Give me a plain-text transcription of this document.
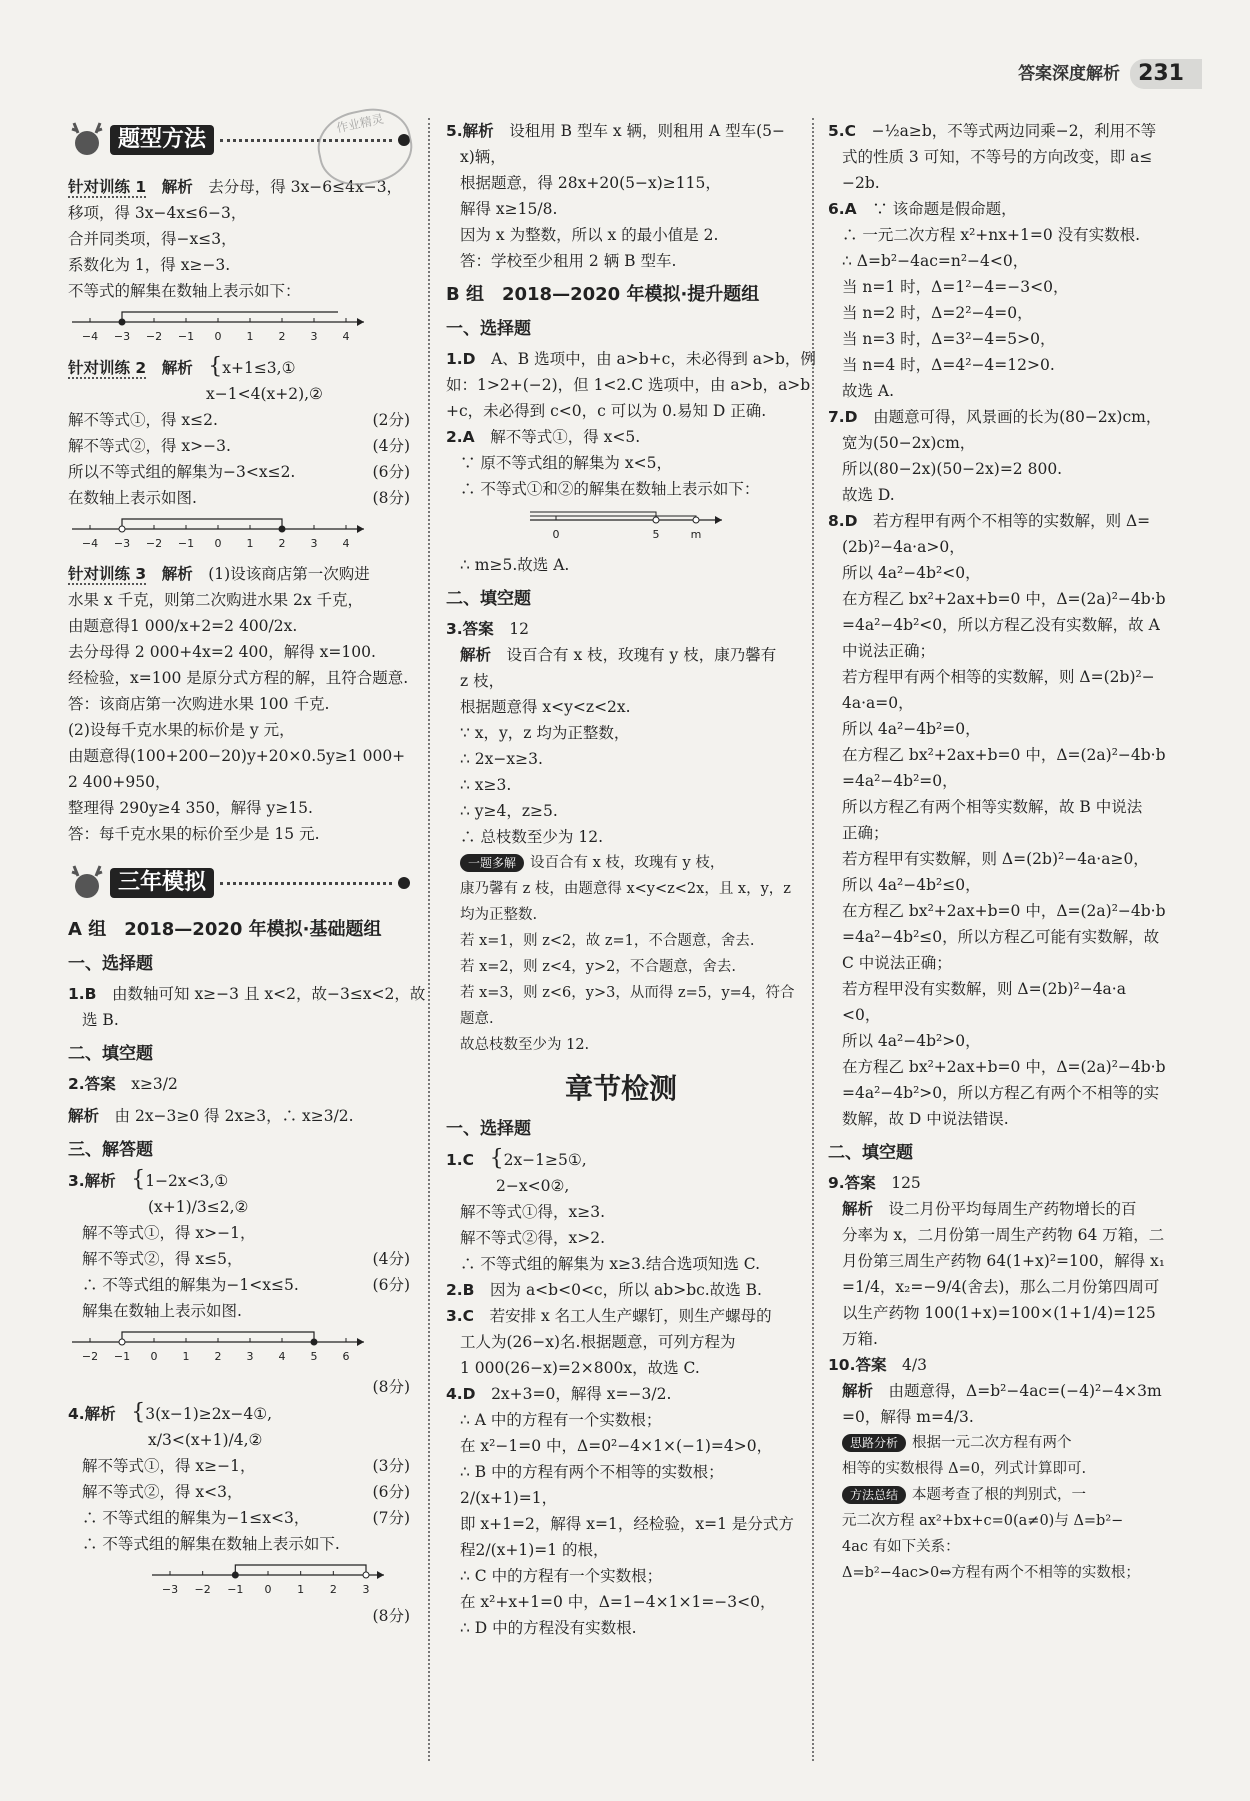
答案深度解析 231
题型方法
作业精灵

针对训练 1　 解析　 去分母，得 3x−6≤4x−3，

移项，得 3x−4x≤6−3，

合并同类项，得−x≤3，

系数化为 1，得 x≥−3.

不等式的解集在数轴上表示如下：

−4 −3 −2 −1 0 1 2 3 4

针对训练 2　 解析　 {x+1≤3,①

x−1<4(x+2),②

解不等式①，得 x≤2.	(2分)

解不等式②，得 x>−3.	(4分)

所以不等式组的解集为−3<x≤2.	(6分)

在数轴上表示如图.	(8分)

−4 −3 −2 −1 0 1 2 3 4

针对训练 3　 解析　 (1)设该商店第一次购进

水果 x 千克，则第二次购进水果 2x 千克，

由题意得1 000/x+2=2 400/2x.

去分母得 2 000+4x=2 400，解得 x=100.

经检验，x=100 是原分式方程的解，且符合题意.

答：该商店第一次购进水果 100 千克.

(2)设每千克水果的标价是 y 元，

由题意得(100+200−20)y+20×0.5y≥1 000+

2 400+950，

整理得 290y≥4 350，解得 y≥15.

答：每千克水果的标价至少是 15 元.

三年模拟
A 组　2018—2020 年模拟·基础题组
一、选择题

1.B　 由数轴可知 x≥−3 且 x<2，故−3≤x<2，故

选 B.

二、填空题

2.答案　 x≥3/2

解析　 由 2x−3≥0 得 2x≥3，∴ x≥3/2.

三、解答题

3.解析　 {1−2x<3,①

(x+1)/3≤2,②

解不等式①，得 x>−1，

解不等式②，得 x≤5，	(4分)

∴ 不等式组的解集为−1<x≤5.	(6分)

解集在数轴上表示如图.

−2 −1 0 1 2 3 4 5 6

(8分)

4.解析　 {3(x−1)≥2x−4①,

x/3<(x+1)/4,②

解不等式①，得 x≥−1，	(3分)

解不等式②，得 x<3，	(6分)

∴ 不等式组的解集为−1≤x<3，	(7分)

∴ 不等式组的解集在数轴上表示如下.

−3 −2 −1 0 1 2 3

(8分)

5.解析　 设租用 B 型车 x 辆，则租用 A 型车(5−

x)辆，

根据题意，得 28x+20(5−x)≥115，

解得 x≥15/8.

因为 x 为整数，所以 x 的最小值是 2.

答：学校至少租用 2 辆 B 型车.

B 组　2018—2020 年模拟·提升题组
一、选择题

1.D　 A、B 选项中，由 a>b+c，未必得到 a>b，例

如：1>2+(−2)，但 1<2.C 选项中，由 a>b，a>b

+c，未必得到 c<0，c 可以为 0.易知 D 正确.

2.A　 解不等式①，得 x<5.

∵ 原不等式组的解集为 x<5，

∴ 不等式①和②的解集在数轴上表示如下：

0	5	m

∴ m≥5.故选 A.

二、填空题

3.答案　 12

解析　 设百合有 x 枝，玫瑰有 y 枝，康乃馨有

z 枝，

根据题意得 x<y<z<2x.

∵ x，y，z 均为正整数，

∴ 2x−x≥3.

∴ x≥3.

∴ y≥4，z≥5.

∴ 总枝数至少为 12.

一题多解 设百合有 x 枝，玫瑰有 y 枝，

康乃馨有 z 枝，由题意得 x<y<z<2x，且 x，y，z

均为正整数.

若 x=1，则 z<2，故 z=1，不合题意，舍去.

若 x=2，则 z<4，y>2，不合题意，舍去.

若 x=3，则 z<6，y>3，从而得 z=5，y=4，符合

题意.

故总枝数至少为 12.

章节检测
一、选择题

1.C　 {2x−1≥5①,

2−x<0②,

解不等式①得，x≥3.

解不等式②得，x>2.

∴ 不等式组的解集为 x≥3.结合选项知选 C.

2.B　 因为 a<b<0<c，所以 ab>bc.故选 B.

3.C　 若安排 x 名工人生产螺钉，则生产螺母的

工人为(26−x)名.根据题意，可列方程为

1 000(26−x)=2×800x，故选 C.

4.D　 2x+3=0，解得 x=−3/2.

∴ A 中的方程有一个实数根；

在 x²−1=0 中，Δ=0²−4×1×(−1)=4>0，

∴ B 中的方程有两个不相等的实数根；

2/(x+1)=1，

即 x+1=2，解得 x=1，经检验，x=1 是分式方

程2/(x+1)=1 的根，

∴ C 中的方程有一个实数根；

在 x²+x+1=0 中，Δ=1−4×1×1=−3<0，

∴ D 中的方程没有实数根.

5.C　 −½a≥b，不等式两边同乘−2，利用不等

式的性质 3 可知，不等号的方向改变，即 a≤

−2b.

6.A　 ∵ 该命题是假命题，

∴ 一元二次方程 x²+nx+1=0 没有实数根.

∴ Δ=b²−4ac=n²−4<0，

当 n=1 时，Δ=1²−4=−3<0，

当 n=2 时，Δ=2²−4=0，

当 n=3 时，Δ=3²−4=5>0，

当 n=4 时，Δ=4²−4=12>0.

故选 A.

7.D　 由题意可得，风景画的长为(80−2x)cm，

宽为(50−2x)cm，

所以(80−2x)(50−2x)=2 800.

故选 D.

8.D　 若方程甲有两个不相等的实数解，则 Δ=

(2b)²−4a·a>0，

所以 4a²−4b²<0，

在方程乙 bx²+2ax+b=0 中，Δ=(2a)²−4b·b

=4a²−4b²<0，所以方程乙没有实数解，故 A

中说法正确；

若方程甲有两个相等的实数解，则 Δ=(2b)²−

4a·a=0，

所以 4a²−4b²=0，

在方程乙 bx²+2ax+b=0 中，Δ=(2a)²−4b·b

=4a²−4b²=0，

所以方程乙有两个相等实数解，故 B 中说法

正确；

若方程甲有实数解，则 Δ=(2b)²−4a·a≥0，

所以 4a²−4b²≤0，

在方程乙 bx²+2ax+b=0 中，Δ=(2a)²−4b·b

=4a²−4b²≤0，所以方程乙可能有实数解，故

C 中说法正确；

若方程甲没有实数解，则 Δ=(2b)²−4a·a

<0，

所以 4a²−4b²>0，

在方程乙 bx²+2ax+b=0 中，Δ=(2a)²−4b·b

=4a²−4b²>0，所以方程乙有两个不相等的实

数解，故 D 中说法错误.

二、填空题

9.答案　 125

解析　 设二月份平均每周生产药物增长的百

分率为 x，二月份第一周生产药物 64 万箱，二

月份第三周生产药物 64(1+x)²=100，解得 x₁

=1/4，x₂=−9/4(舍去)，那么二月份第四周可

以生产药物 100(1+x)=100×(1+1/4)=125

万箱.

10.答案　 4/3

解析　 由题意得，Δ=b²−4ac=(−4)²−4×3m

=0，解得 m=4/3.

思路分析 根据一元二次方程有两个

相等的实数根得 Δ=0，列式计算即可.

方法总结 本题考查了根的判别式，一

元二次方程 ax²+bx+c=0(a≠0)与 Δ=b²−

4ac 有如下关系：

Δ=b²−4ac>0⇔方程有两个不相等的实数根；
